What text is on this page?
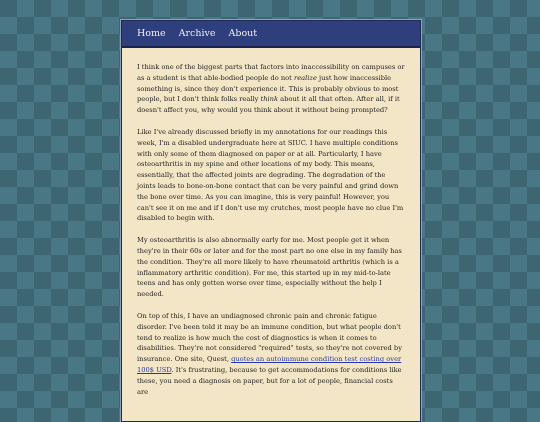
Home Archive About

I think one of the biggest parts that factors into inaccessibility on campuses or as a student is that able-bodied people do not realize just how inaccessible something is, since they don't experience it. This is probably obvious to most people, but I don't think folks really think about it all that often. After all, if it doesn't affect you, why would you think about it without being prompted?

Like I've already discussed briefly in my annotations for our readings this week, I'm a disabled undergraduate here at SIUC. I have multiple conditions with only some of them diagnosed on paper or at all. Particularly, I have osteoarthritis in my spine and other locations of my body. This means, essentially, that the affected joints are degrading. The degradation of the joints leads to bone-on-bone contact that can be very painful and grind down the bone over time. As you can imagine, this is very painful! However, you can't see it on me and if I don't use my crutches, most people have no clue I'm disabled to begin with.

My osteoarthritis is also abnormally early for me. Most people get it when they're in their 60s or later and for the most part no one else in my family has the condition. They're all more likely to have rheumatoid arthritis (which is a inflammatory arthritic condition). For me, this started up in my mid-to-late teens and has only gotten worse over time, especially without the help I needed.

On top of this, I have an undiagnosed chronic pain and chronic fatigue disorder. I've been told it may be an immune condition, but what people don't tend to realize is how much the cost of diagnostics is when it comes to disabilities. They're not considered "required" tests, so they're not covered by insurance. One site, Quest, quotes an autoimmune condition test costing over 100$ USD. It's frustrating, because to get accommodations for conditions like these, you need a diagnosis on paper, but for a lot of people, financial costs are
